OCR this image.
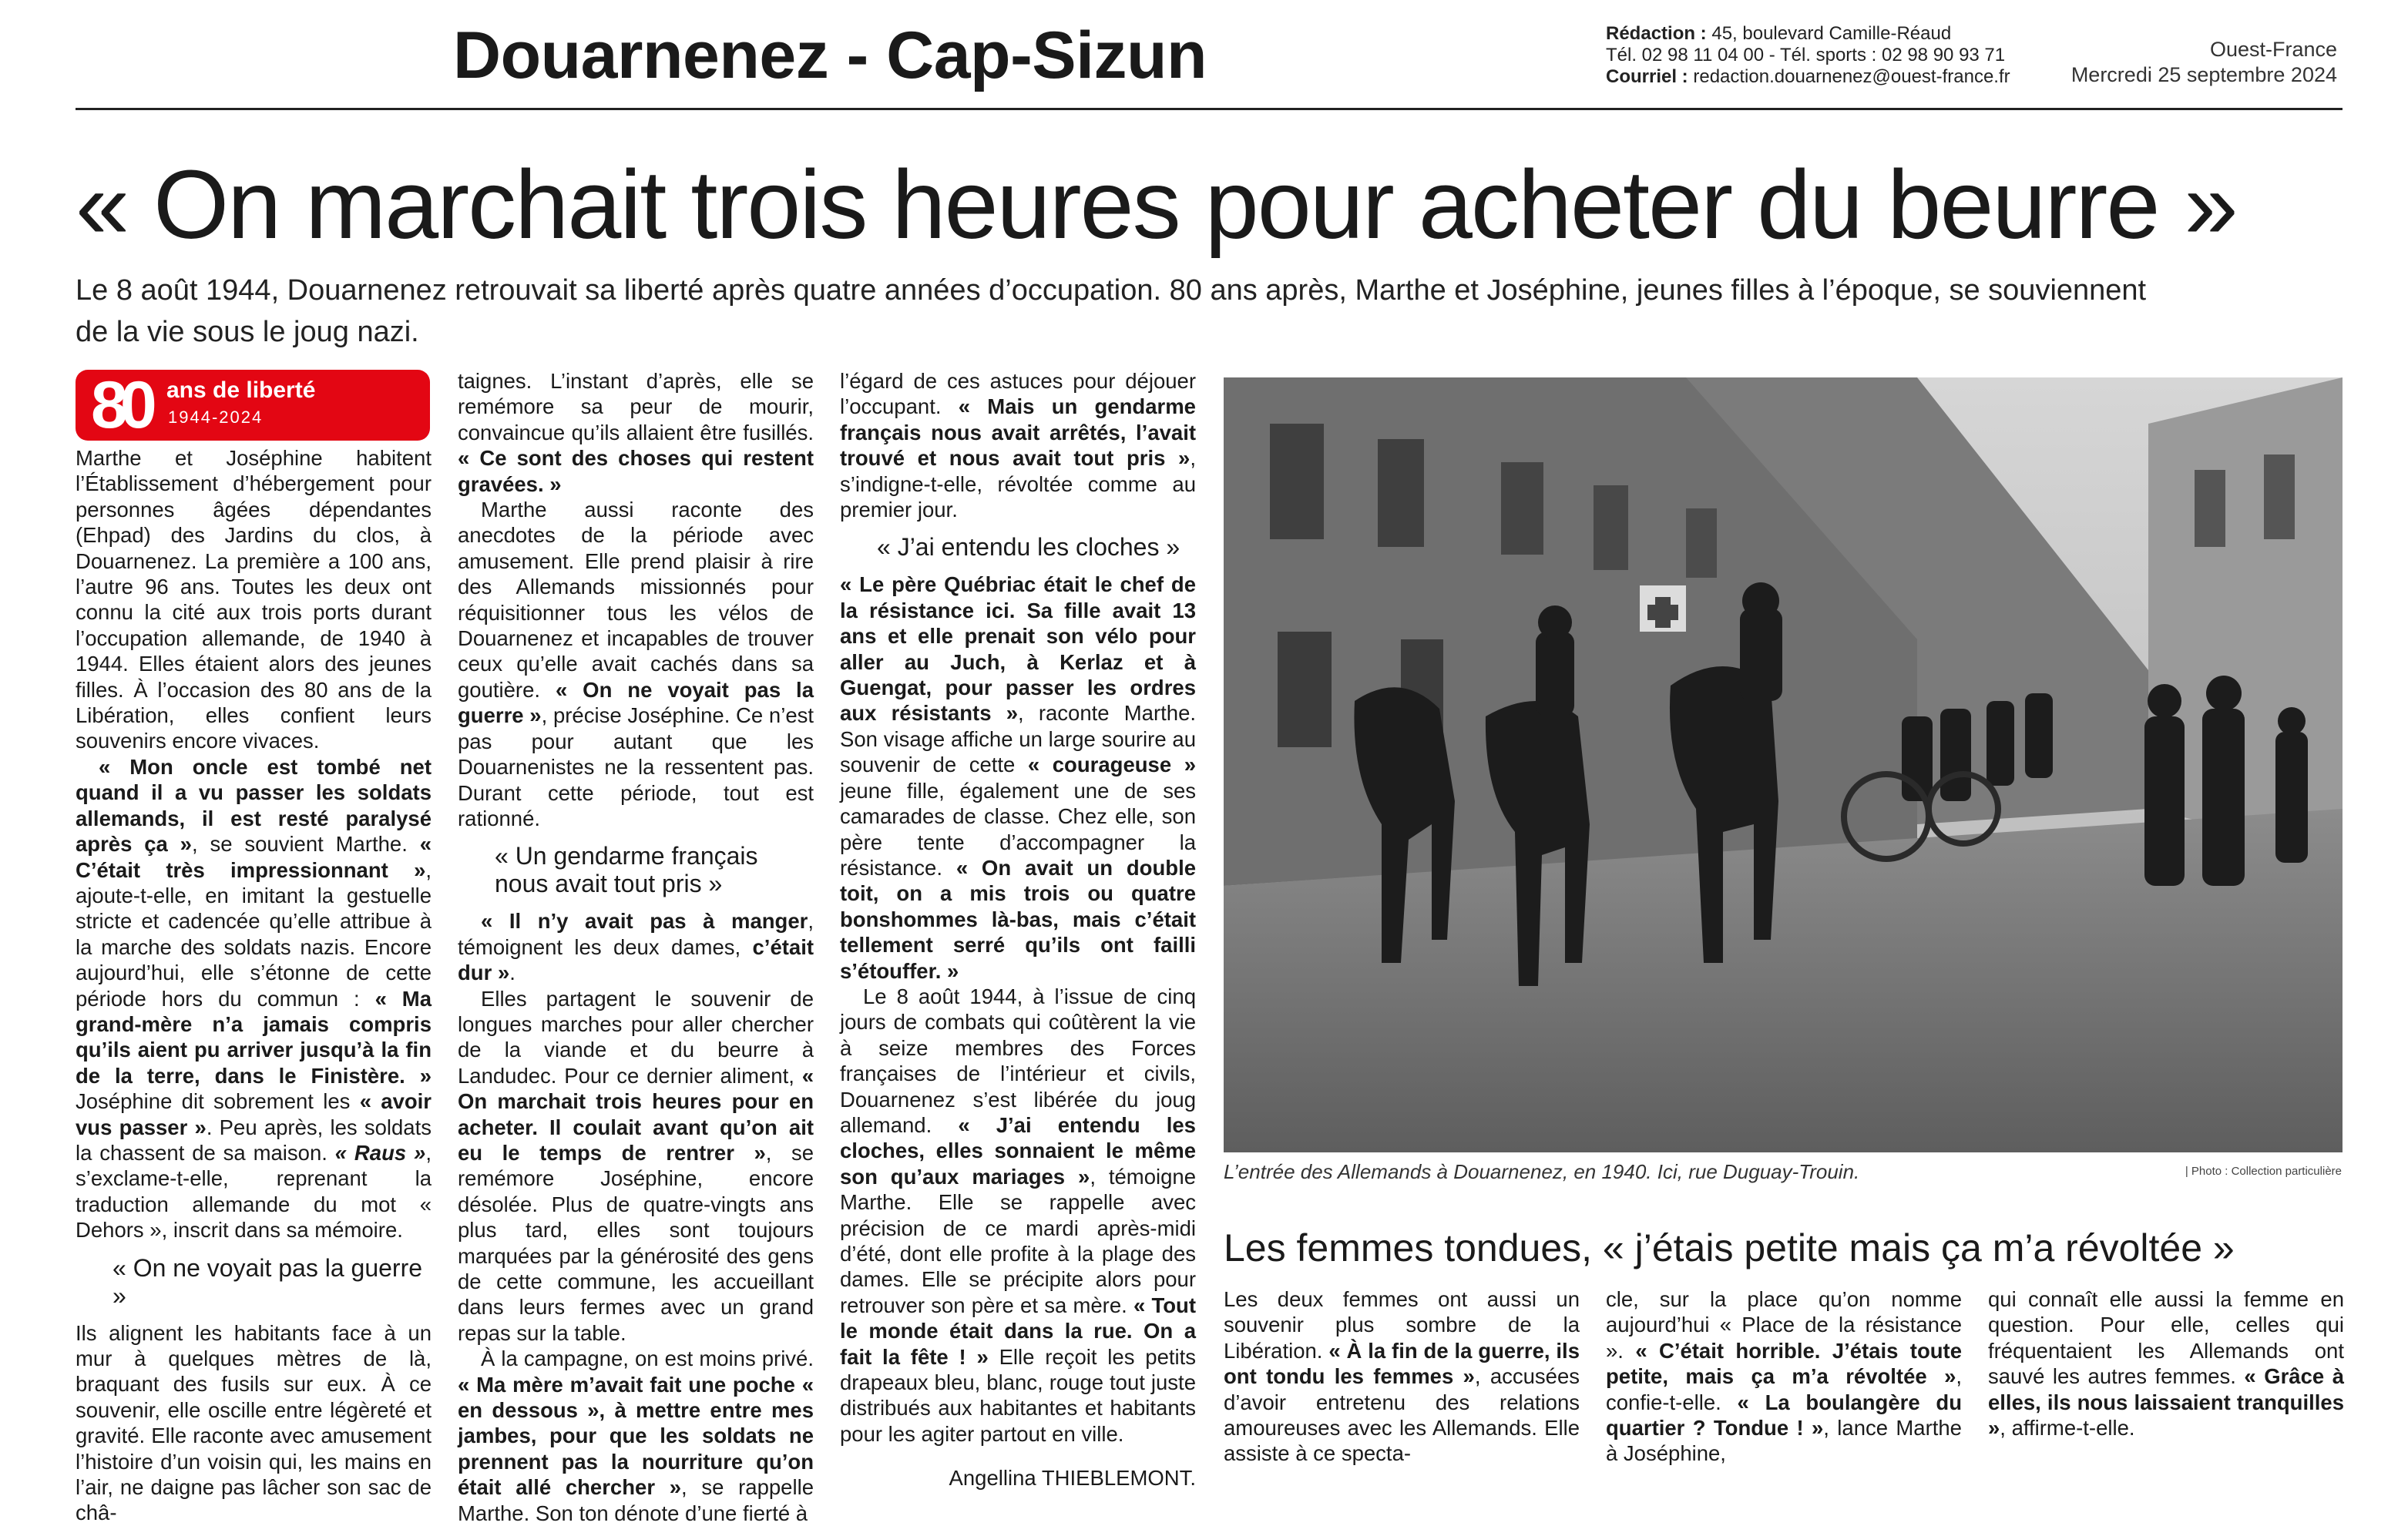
Douarnenez - Cap-Sizun	Rédaction : 45, boulevard Camille-Réaud
Tél. 02 98 11 04 00 - Tél. sports : 02 98 90 93 71
Courriel : redaction.douarnenez@ouest-france.fr
Ouest-France
Mercredi 25 septembre 2024
« On marchait trois heures pour acheter du beurre »
Le 8 août 1944, Douarnenez retrouvait sa liberté après quatre années d’occupation. 80 ans après, Marthe et Joséphine, jeunes filles à l’époque, se souviennent de la vie sous le joug nazi.
80 ans de liberté
1944-2024

Marthe et Joséphine habitent l’Établissement d’hébergement pour personnes âgées dépendantes (Ehpad) des Jardins du clos, à Douarnenez. La première a 100 ans, l’autre 96 ans. Toutes les deux ont connu la cité aux trois ports durant l’occupation allemande, de 1940 à 1944. Elles étaient alors des jeunes filles. À l’occasion des 80 ans de la Libération, elles confient leurs souvenirs encore vivaces.

« Mon oncle est tombé net quand il a vu passer les soldats allemands, il est resté paralysé après ça », se souvient Marthe. « C’était très impressionnant », ajoute-t-elle, en imitant la gestuelle stricte et cadencée qu’elle attribue à la marche des soldats nazis. Encore aujourd’hui, elle s’étonne de cette période hors du commun : « Ma grand-mère n’a jamais compris qu’ils aient pu arriver jusqu’à la fin de la terre, dans le Finistère. » Joséphine dit sobrement les « avoir vus passer ». Peu après, les soldats la chassent de sa maison. « Raus », s’exclame-t-elle, reprenant la traduction allemande du mot « Dehors », inscrit dans sa mémoire.

« On ne voyait pas la guerre »

Ils alignent les habitants face à un mur à quelques mètres de là, braquant des fusils sur eux. À ce souvenir, elle oscille entre légèreté et gravité. Elle raconte avec amusement l’histoire d’un voisin qui, les mains en l’air, ne daigne pas lâcher son sac de châ-

taignes. L’instant d’après, elle se remémore sa peur de mourir, convaincue qu’ils allaient être fusillés. « Ce sont des choses qui restent gravées. »

Marthe aussi raconte des anecdotes de la période avec amusement. Elle prend plaisir à rire des Allemands missionnés pour réquisitionner tous les vélos de Douarnenez et incapables de trouver ceux qu’elle avait cachés dans sa goutière. « On ne voyait pas la guerre », précise Joséphine. Ce n’est pas pour autant que les Douarnenistes ne la ressentent pas. Durant cette période, tout est rationné.

« Un gendarme français nous avait tout pris »

« Il n’y avait pas à manger, témoignent les deux dames, c’était dur ».

Elles partagent le souvenir de longues marches pour aller chercher de la viande et du beurre à Landudec. Pour ce dernier aliment, « On marchait trois heures pour en acheter. Il coulait avant qu’on ait eu le temps de rentrer », se remémore Joséphine, encore désolée. Plus de quatre-vingts ans plus tard, elles sont toujours marquées par la générosité des gens de cette commune, les accueillant dans leurs fermes avec un grand repas sur la table.

À la campagne, on est moins privé. « Ma mère m’avait fait une poche « en dessous », à mettre entre mes jambes, pour que les soldats ne prennent pas la nourriture qu’on était allé chercher », se rappelle Marthe. Son ton dénote d’une fierté à

l’égard de ces astuces pour déjouer l’occupant. « Mais un gendarme français nous avait arrêtés, l’avait trouvé et nous avait tout pris », s’indigne-t-elle, révoltée comme au premier jour.

« J’ai entendu les cloches »

« Le père Québriac était le chef de la résistance ici. Sa fille avait 13 ans et elle prenait son vélo pour aller au Juch, à Kerlaz et à Guengat, pour passer les ordres aux résistants », raconte Marthe. Son visage affiche un large sourire au souvenir de cette « courageuse » jeune fille, également une de ses camarades de classe. Chez elle, son père tente d’accompagner la résistance. « On avait un double toit, on a mis trois ou quatre bonshommes là-bas, mais c’était tellement serré qu’ils ont failli s’étouffer. »

Le 8 août 1944, à l’issue de cinq jours de combats qui coûtèrent la vie à seize membres des Forces françaises de l’intérieur et civils, Douarnenez s’est libérée du joug allemand. « J’ai entendu les cloches, elles sonnaient le même son qu’aux mariages », témoigne Marthe. Elle se rappelle avec précision de ce mardi après-midi d’été, dont elle profite à la plage des dames. Elle se précipite alors pour retrouver son père et sa mère. « Tout le monde était dans la rue. On a fait la fête ! » Elle reçoit les petits drapeaux bleu, blanc, rouge tout juste distribués aux habitantes et habitants pour les agiter partout en ville.

Angellina THIEBLEMONT.

L’entrée des Allemands à Douarnenez, en 1940. Ici, rue Duguay-Trouin.	| Photo : Collection particulière
Les femmes tondues, « j’étais petite mais ça m’a révoltée »

Les deux femmes ont aussi un souvenir plus sombre de la Libération. « À la fin de la guerre, ils ont tondu les femmes », accusées d’avoir entretenu des relations amoureuses avec les Allemands. Elle assiste à ce specta-

cle, sur la place qu’on nomme aujourd’hui « Place de la résistance ». « C’était horrible. J’étais toute petite, mais ça m’a révoltée », confie-t-elle. « La boulangère du quartier ? Tondue ! », lance Marthe à Joséphine,

qui connaît elle aussi la femme en question. Pour elle, celles qui fréquentaient les Allemands ont sauvé les autres femmes. « Grâce à elles, ils nous laissaient tranquilles », affirme-t-elle.
